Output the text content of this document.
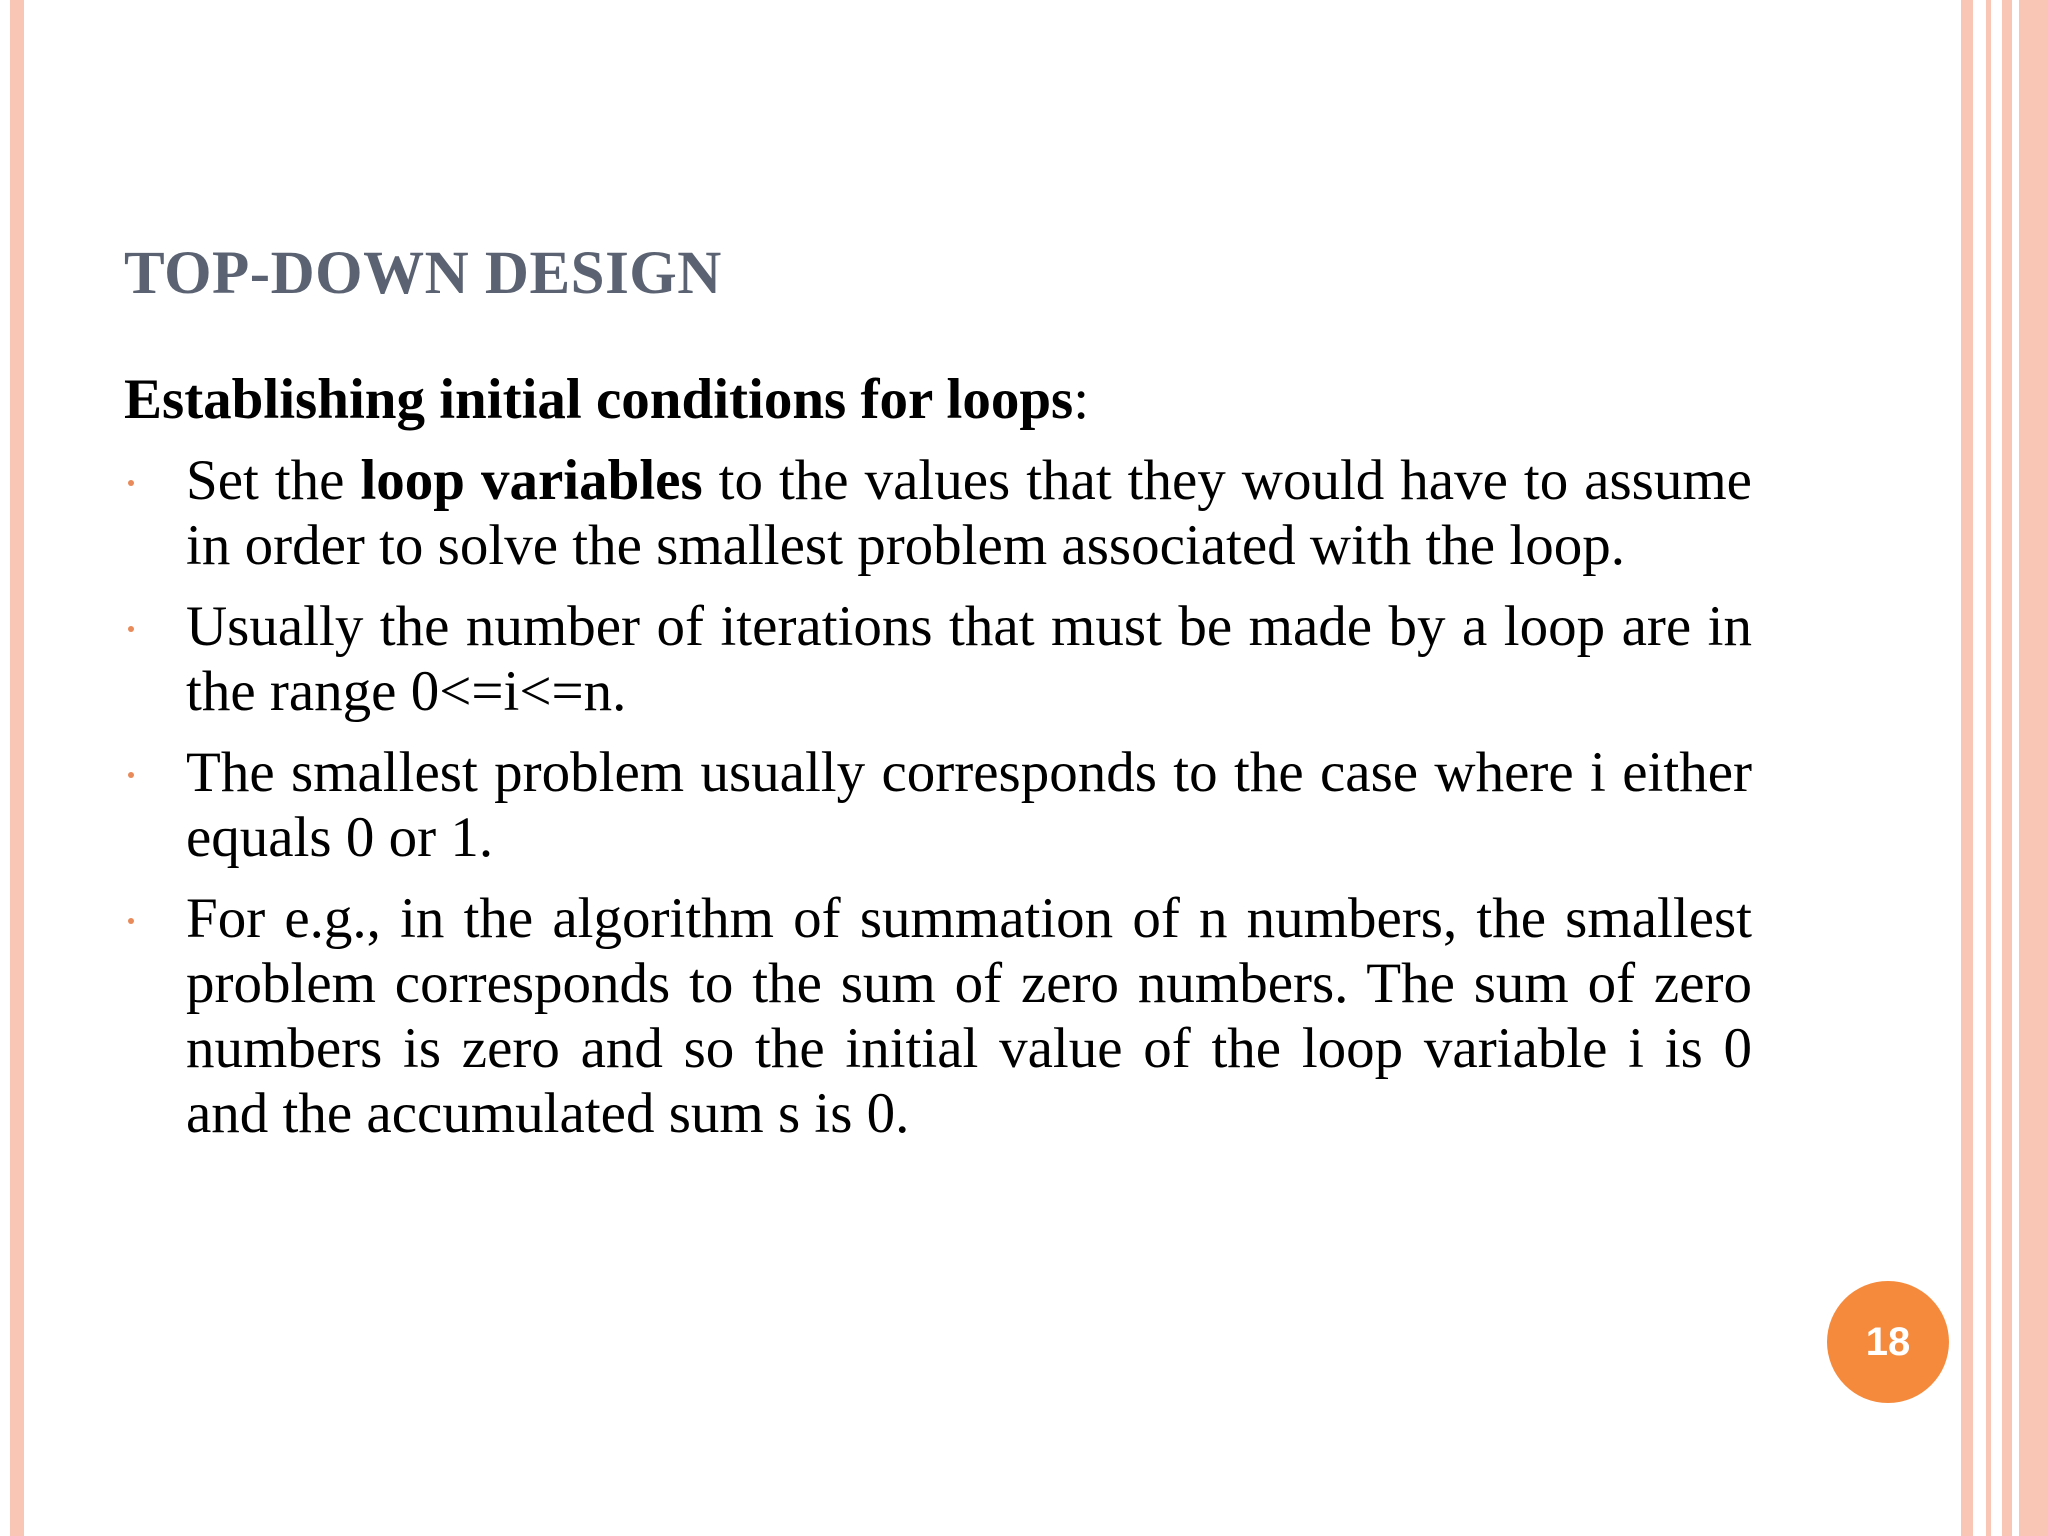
TOP-DOWN DESIGN

Establishing initial conditions for loops:

Set the loop variables to the values that they would have to assume in order to solve the smallest problem associated with the loop.
Usually the number of iterations that must be made by a loop are in the range 0<=i<=n.
The smallest problem usually corresponds to the case where i either equals 0 or 1.
For e.g., in the algorithm of summation of n numbers, the smallest problem corresponds to the sum of zero numbers. The sum of zero numbers is zero and so the initial value of the loop variable i is 0 and the accumulated sum s is 0.
18
